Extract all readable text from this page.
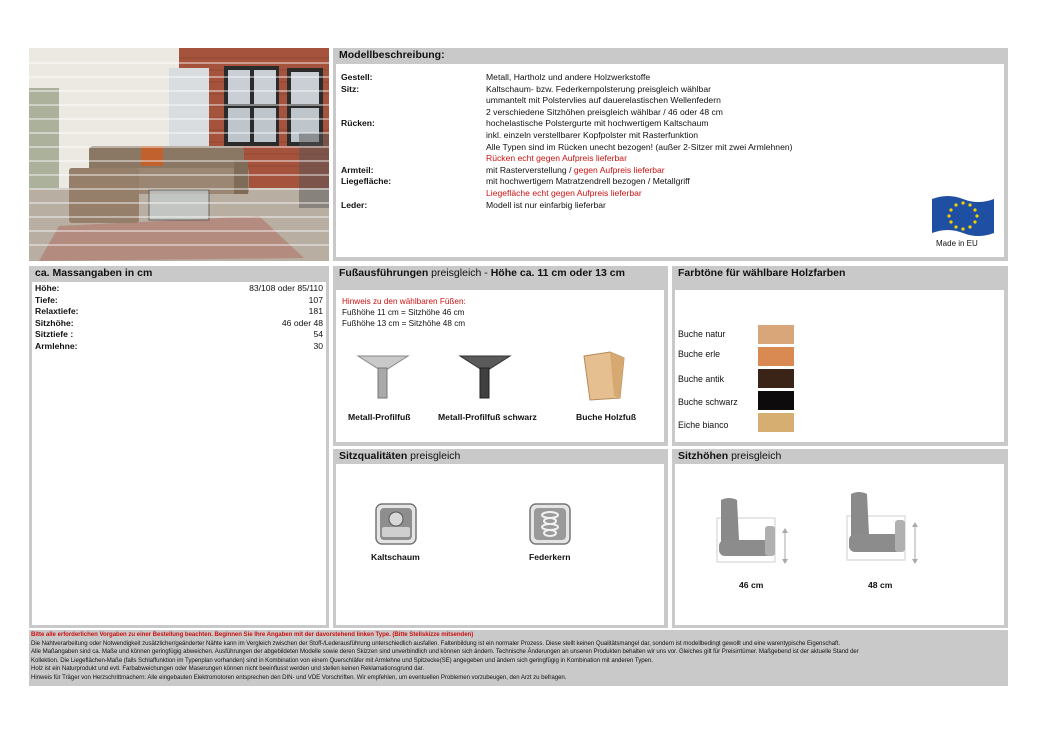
Modellbeschreibung:
Gestell:	Metall, Hartholz und andere Holzwerkstoffe
Sitz:	Kaltschaum- bzw. Federkernpolsterung preisgleich wählbar
ummantelt mit Polstervlies auf dauerelastischen Wellenfedern
2 verschiedene Sitzhöhen preisgleich wählbar / 46 oder 48 cm
Rücken:	hochelastische Polstergurte mit hochwertigem Kaltschaum
inkl. einzeln verstellbarer Kopfpolster mit Rasterfunktion
Alle Typen sind im Rücken unecht bezogen! (außer 2-Sitzer mit zwei Armlehnen)
Rücken echt gegen Aufpreis lieferbar
Armteil:	mit Rasterverstellung / gegen Aufpreis lieferbar
Liegefläche:	mit hochwertigem Matratzendrell bezogen / Metallgriff
Liegefläche echt gegen Aufpreis lieferbar
Leder:	Modell ist nur einfarbig lieferbar
Made in EU
ca. Massangaben in cm
Höhe:	83/108 oder 85/110
Tiefe:	107
Relaxtiefe:	181
Sitzhöhe:	46 oder 48
Sitztiefe :	54
Armlehne:	30
Fußausführungen preisgleich - Höhe ca. 11 cm oder 13 cm
Hinweis zu den wählbaren Füßen:
Fußhöhe 11 cm = Sitzhöhe 46 cm
Fußhöhe 13 cm = Sitzhöhe 48 cm
Metall-Profilfuß	Metall-Profilfuß schwarz	Buche Holzfuß
Farbtöne für wählbare Holzfarben
Buche natur
Buche erle
Buche antik
Buche schwarz
Eiche bianco
Sitzqualitäten preisgleich
Kaltschaum	Federkern
Sitzhöhen preisgleich
46 cm	48 cm
Bitte alle erforderlichen Vorgaben zu einer Bestellung beachten. Beginnen Sie Ihre Angaben mit der davorstehend linken Type. (Bitte Stellskizze mitsenden)
Die Nahtverarbeitung oder Notwendigkeit zusätzlicher/geänderter Nähte kann im Vergleich zwischen der Stoff-/Lederausführung unterschiedlich ausfallen. Faltenbildung ist ein normaler Prozess. Diese stellt keinen Qualitätsmangel dar, sondern ist modellbedingt gewollt und eine warentypische Eigenschaft.
Alle Maßangaben sind ca. Maße und können geringfügig abweichen. Ausführungen der abgebildeten Modelle sowie deren Skizzen sind unverbindlich und können sich ändern. Technische Änderungen an unseren Produkten behalten wir uns vor. Gleiches gilt für Preisirrtümer. Maßgebend ist der aktuelle Stand der
Kollektion. Die Liegeflächen-Maße (falls Schlaffunktion im Typenplan vorhanden) sind in Kombination von einem Querschläfer mit Armlehne und Spitzecke(SE) angegeben und ändern sich geringfügig in Kombination mit anderen Typen.
Holz ist ein Naturprodukt und evtl. Farbabweichungen oder Maserungen können nicht beeinflusst werden und stellen keinen Reklamationsgrund dar.
Hinweis für Träger von Herzschrittmachern: Alle eingebauten Elektromotoren entsprechen den DIN- und VDE Vorschriften. Wir empfehlen, um eventuellen Problemen vorzubeugen, den Arzt zu befragen.
